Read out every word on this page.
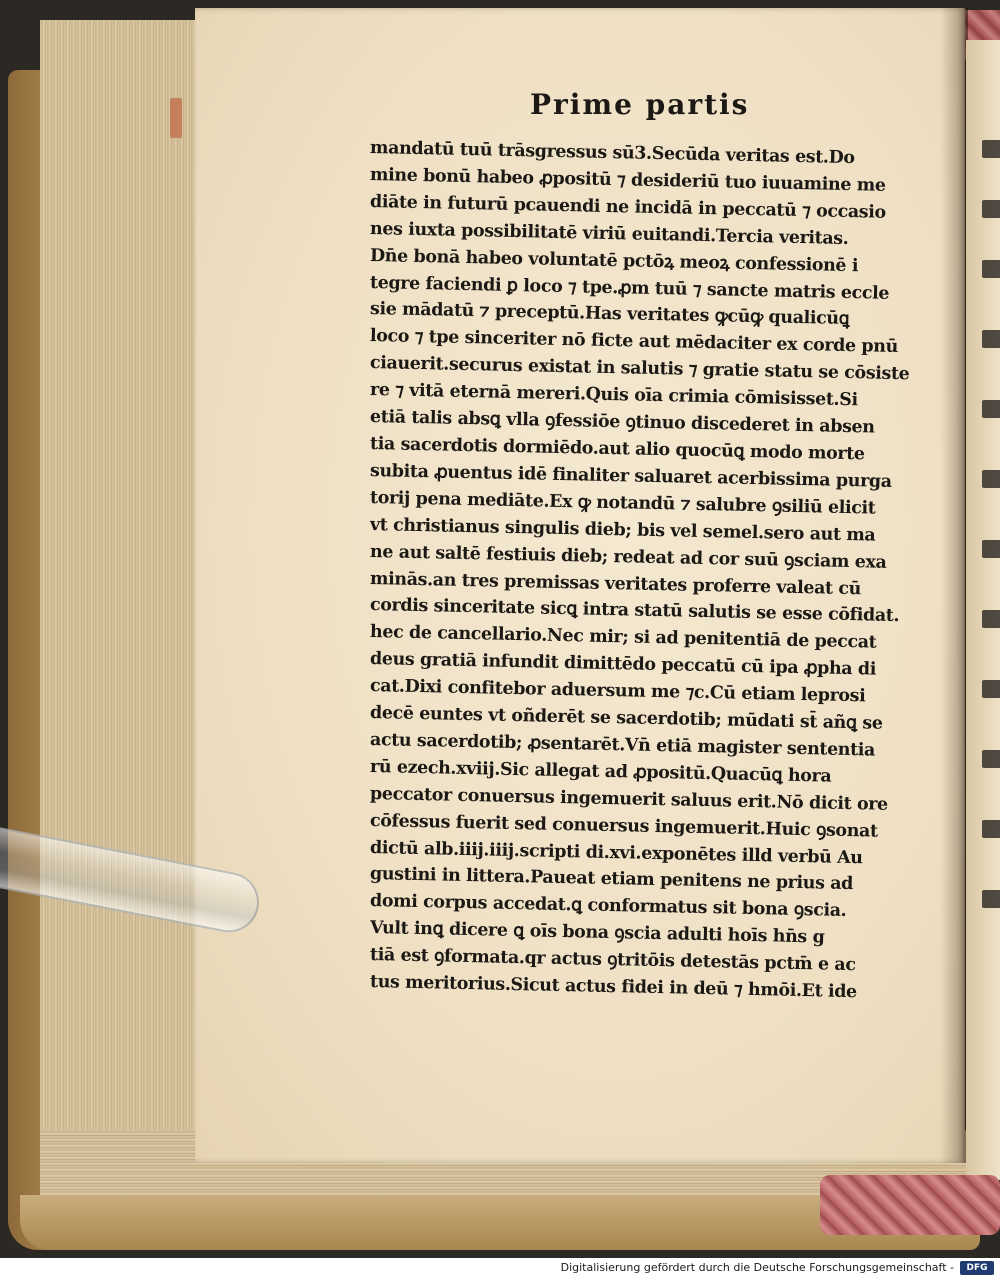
Prime partis
mandatū tuū trāsgressus sū3.Secūda veritas est.Do
mine bonū habeo ꝓpositū ⁊ desideriū tuo iuuamine me
diāte in futurū pcauendi ne incidā in peccatū ⁊ occasio
nes iuxta possibilitatē viriū euitandi.Tercia veritas.
Dn̄e bonā habeo voluntatē pctōꝝ meoꝝ confessionē i
tegre faciendi ꝑ loco ⁊ tpe.ꝓm tuū ⁊ sancte matris eccle
sie mādatū ⁊ preceptū.Has veritates ꝙcūꝙ qualicūꝗ
loco ⁊ tpe sinceriter nō ficte aut mēdaciter ex corde pnū
ciauerit.securus existat in salutis ⁊ gratie statu se cōsiste
re ⁊ vitā eternā mereri.Quis oīa crimia cōmisisset.Si
etiā talis absꝗ vlla ꝯfessiōe ꝯtinuo discederet in absen
tia sacerdotis dormiēdo.aut alio quocūꝗ modo morte
subita ꝓuentus idē finaliter saluaret acerbissima purga
torij pena mediāte.Ex ꝙ notandū ⁊ salubre ꝯsiliū elicit
vt christianus singulis dieb; bis vel semel.sero aut ma
ne aut saltē festiuis dieb; redeat ad cor suū ꝯsciam exa
minās.an tres premissas veritates proferre valeat cū
cordis sinceritate sicꝗ intra statū salutis se esse cōfidat.
hec de cancellario.Nec mir; si ad penitentiā de peccat
deus gratiā infundit dimittēdo peccatū cū ipa ꝓpha di
cat.Dixi confitebor aduersum me ⁊c.Cū etiam leprosi
decē euntes vt oñderēt se sacerdotib; mūdati st̄ añꝗ se
actu sacerdotib; ꝓsentarēt.Vn̄ etiā magister sententia
rū ezech.xviij.Sic allegat ad ꝓpositū.Quacūꝗ hora
peccator conuersus ingemuerit saluus erit.Nō dicit ore
cōfessus fuerit sed conuersus ingemuerit.Huic ꝯsonat
dictū alb.iiij.iiij.scripti di.xvi.exponētes illd verbū Au
gustini in littera.Paueat etiam penitens ne prius ad
domi corpus accedat.ꝗ conformatus sit bona ꝯscia.
Vult inꝗ dicere ꝗ oīs bona ꝯscia adulti hoīs hn̄s g
tiā est ꝯformata.qr actus ꝯtritōis detestās pctm̄ e ac
tus meritorius.Sicut actus fidei in deū ⁊ hmōi.Et ide
Digitalisierung gefördert durch die Deutsche Forschungsgemeinschaft -	DFG
